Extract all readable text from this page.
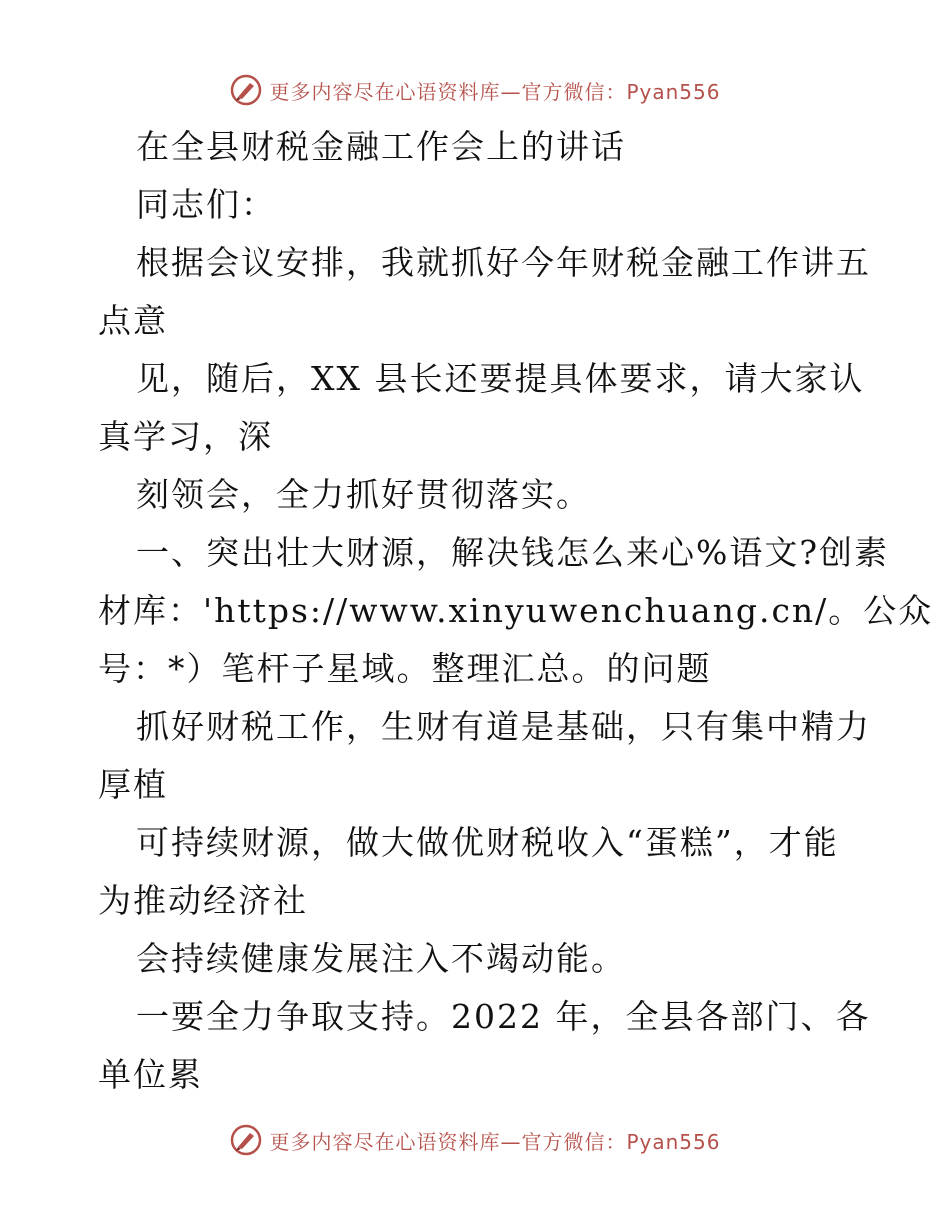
更多内容尽在心语资料库—官方微信：Pyan556
在全县财税金融工作会上的讲话
同志们：
根据会议安排，我就抓好今年财税金融工作讲五
点意
见，随后，XX 县长还要提具体要求，请大家认
真学习，深
刻领会，全力抓好贯彻落实。
一、突出壮大财源，解决钱怎么来心%语文?创素
材库：'https://www.xinyuwenchuang.cn/。公众
号：*）笔杆子星域。整理汇总。的问题
抓好财税工作，生财有道是基础，只有集中精力
厚植
可持续财源，做大做优财税收入“蛋糕”，才能
为推动经济社
会持续健康发展注入不竭动能。
一要全力争取支持。2022 年，全县各部门、各
单位累
更多内容尽在心语资料库—官方微信：Pyan556
